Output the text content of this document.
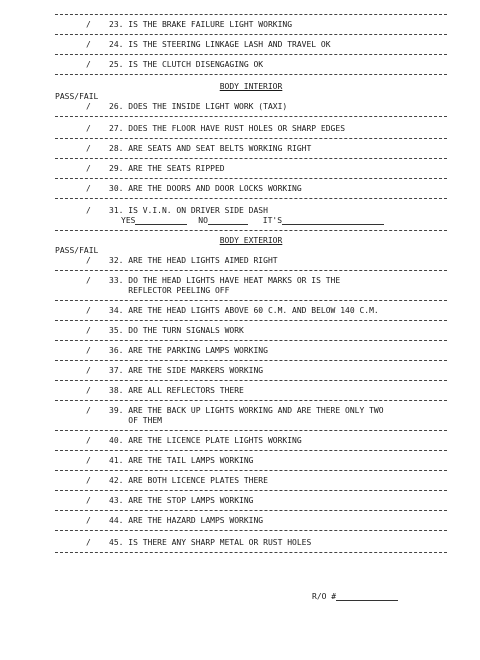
/ 23. IS THE BRAKE FAILURE LIGHT WORKING
/ 24. IS THE STEERING LINKAGE LASH AND TRAVEL OK
/ 25. IS THE CLUTCH DISENGAGING OK
BODY INTERIOR
PASS/FAIL
/ 26. DOES THE INSIDE LIGHT WORK (TAXI)
/ 27. DOES THE FLOOR HAVE RUST HOLES OR SHARP EDGES
/ 28. ARE SEATS AND SEAT BELTS WORKING RIGHT
/ 29. ARE THE SEATS RIPPED
/ 30. ARE THE DOORS AND DOOR LOCKS WORKING
/ 31. IS V.I.N. ON DRIVER SIDE DASH
YES	NO	IT'S
BODY EXTERIOR
PASS/FAIL
/ 32. ARE THE HEAD LIGHTS AIMED RIGHT
/ 33. DO THE HEAD LIGHTS HAVE HEAT MARKS OR IS THE
REFLECTOR PEELING OFF
/ 34. ARE THE HEAD LIGHTS ABOVE 60 C.M. AND BELOW 140 C.M.
/ 35. DO THE TURN SIGNALS WORK
/ 36. ARE THE PARKING LAMPS WORKING
/ 37. ARE THE SIDE MARKERS WORKING
/ 38. ARE ALL REFLECTORS THERE
/ 39. ARE THE BACK UP LIGHTS WORKING AND ARE THERE ONLY TWO
OF THEM
/ 40. ARE THE LICENCE PLATE LIGHTS WORKING
/ 41. ARE THE TAIL LAMPS WORKING
/ 42. ARE BOTH LICENCE PLATES THERE
/ 43. ARE THE STOP LAMPS WORKING
/ 44. ARE THE HAZARD LAMPS WORKING
/ 45. IS THERE ANY SHARP METAL OR RUST HOLES
R/O #
